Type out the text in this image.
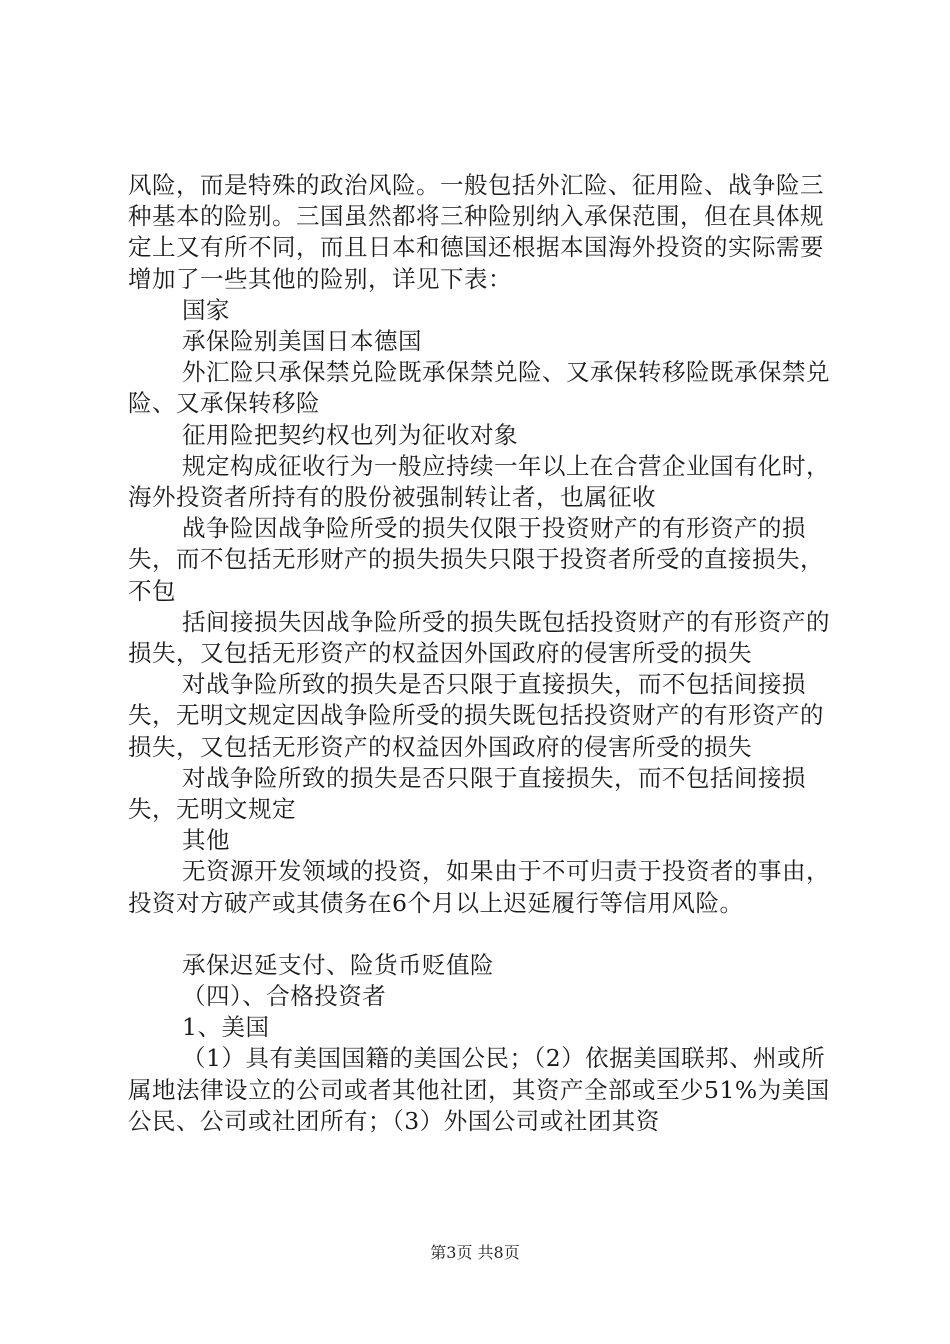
风险，而是特殊的政治风险。一般包括外汇险、征用险、战争险三种基本的险别。三国虽然都将三种险别纳入承保范围，但在具体规定上又有所不同，而且日本和德国还根据本国海外投资的实际需要增加了一些其他的险别，详见下表：

国家

承保险别美国日本德国

外汇险只承保禁兑险既承保禁兑险、又承保转移险既承保禁兑险、又承保转移险

征用险把契约权也列为征收对象

规定构成征收行为一般应持续一年以上在合营企业国有化时，海外投资者所持有的股份被强制转让者，也属征收

战争险因战争险所受的损失仅限于投资财产的有形资产的损失，而不包括无形财产的损失损失只限于投资者所受的直接损失，不包

括间接损失因战争险所受的损失既包括投资财产的有形资产的损失，又包括无形资产的权益因外国政府的侵害所受的损失

对战争险所致的损失是否只限于直接损失，而不包括间接损失，无明文规定因战争险所受的损失既包括投资财产的有形资产的损失，又包括无形资产的权益因外国政府的侵害所受的损失

对战争险所致的损失是否只限于直接损失，而不包括间接损失，无明文规定

其他

无资源开发领域的投资，如果由于不可归责于投资者的事由，投资对方破产或其债务在6个月以上迟延履行等信用风险。

承保迟延支付、险货币贬值险

（四）、合格投资者

1、美国

（1）具有美国国籍的美国公民；（2）依据美国联邦、州或所属地法律设立的公司或者其他社团，其资产全部或至少51%为美国公民、公司或社团所有；（3）外国公司或社团其资

第3页 共8页
